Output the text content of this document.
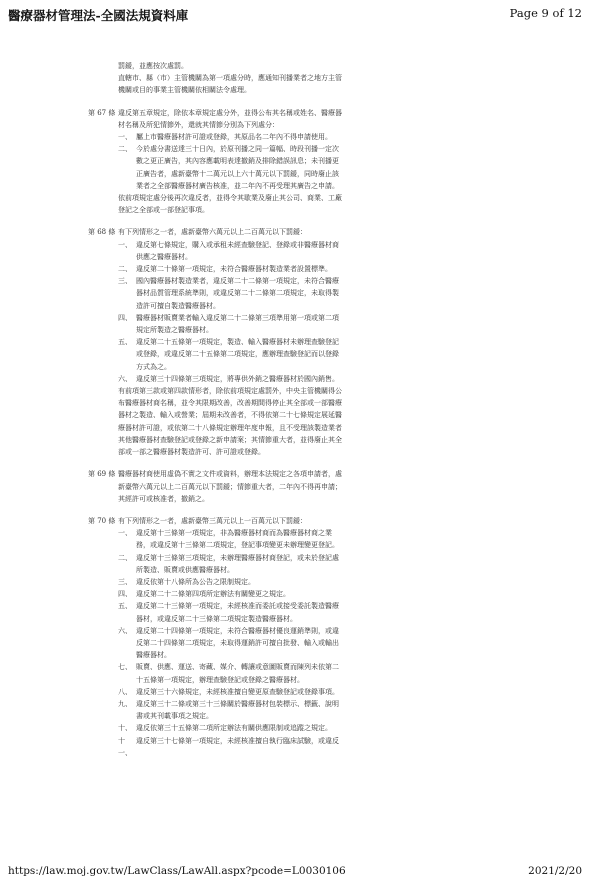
醫療器材管理法-全國法規資料庫	Page 9 of 12

罰鍰，並應按次處罰。

直轄市、縣（市）主管機關為第一項處分時，應通知刊播業者之地方主管機關或目的事業主管機關依相關法令處理。

第 67 條 違反第五章規定，除依本章規定處分外，並得公布其名稱或姓名、醫療器材名稱及所犯情節外，還就其情節分別為下列處分：

一、 屬上市醫療器材許可證或登錄，其原品名二年內不得申請使用。
二、 今於處分書送達三十日內，於原刊播之同一篇幅、時段刊播一定次數之更正廣告，其內容應載明表達撤銷及排除錯誤訊息；未刊播更正廣告者，處新臺幣十二萬元以上六十萬元以下罰鍰，同時廢止該業者之全部醫療器材廣告核准，並二年內不再受理其廣告之申請。

依前項規定處分後再次違反者，並得令其歇業及廢止其公司、商業、工廠登記之全部或一部登記事項。

第 68 條 有下列情形之一者，處新臺幣六萬元以上二百萬元以下罰鍰：

一、 違反第七條規定，購入或承租未經查驗登記、登錄或非醫療器材商供應之醫療器材。
二、 違反第二十條第一項規定，未符合醫療器材製造業者設置標準。
三、 國內醫療器材製造業者，違反第二十二條第一項規定，未符合醫療器材品質管理系統準則，或違反第二十二條第二項規定，未取得製造許可擅自製造醫療器材。
四、 醫療器材販賣業者輸入違反第二十二條第三項準用第一項或第二項規定所製造之醫療器材。
五、 違反第二十五條第一項規定，製造、輸入醫療器材未辦理查驗登記或登錄，或違反第二十五條第二項規定，應辦理查驗登記而以登錄方式為之。
六、 違反第三十四條第三項規定，將專供外銷之醫療器材於國內銷售。

有前項第三款或第四款情形者，除依前項規定處罰外，中央主管機關得公布醫療器材商名稱，並令其限期改善，改善期間得停止其全部或一部醫療器材之製造、輸入或營業；屆期未改善者，不得依第二十七條規定展延醫療器材許可證，或依第二十八條規定辦理年度申報，且不受理該製造業者其他醫療器材查驗登記或登錄之新申請案；其情節重大者，並得廢止其全部或一部之醫療器材製造許可、許可證或登錄。

第 69 條 醫療器材商使用虛偽不實之文件或資料，辦理本法規定之各項申請者，處新臺幣六萬元以上二百萬元以下罰鍰；情節重大者，二年內不得再申請；其經許可或核准者，撤銷之。

第 70 條 有下列情形之一者，處新臺幣三萬元以上一百萬元以下罰鍰：

一、 違反第十三條第一項規定，非為醫療器材商而為醫療器材商之業務，或違反第十三條第二項規定，登記事項變更未辦理變更登記。
二、 違反第十三條第三項規定，未辦理醫療器材商登記，或未於登記處所製造、販賣或供應醫療器材。
三、 違反依第十八條所為公告之限制規定。
四、 違反第二十二條第四項所定辦法有關變更之規定。
五、 違反第二十三條第一項規定，未經核准而委託或接受委託製造醫療器材，或違反第二十三條第二項規定製造醫療器材。
六、 違反第二十四條第一項規定，未符合醫療器材優良運銷準則，或違反第二十四條第二項規定，未取得運銷許可擅自批發、輸入或輸出醫療器材。
七、 販賣、供應、運送、寄藏、媒介、轉讓或意圖販賣而陳列未依第二十五條第一項規定，辦理查驗登記或登錄之醫療器材。
八、 違反第三十六條規定，未經核准擅自變更原查驗登記或登錄事項。
九、 違反第三十二條或第三十三條關於醫療器材包裝標示、標籤、說明書或其刊載事項之規定。
十、 違反依第三十五條第二項所定辦法有關供應限制或追蹤之規定。
十一、
違反第三十七條第一項規定，未經核准擅自執行臨床試驗，或違反
https://law.moj.gov.tw/LawClass/LawAll.aspx?pcode=L0030106	2021/2/20
